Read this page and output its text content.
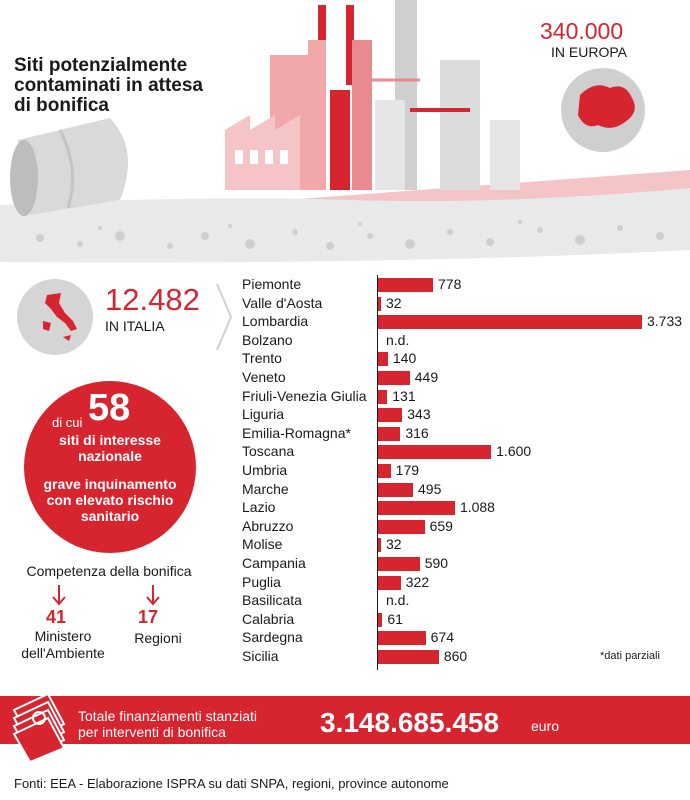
Siti potenzialmente contaminati in attesa di bonifica
340.000
IN EUROPA
12.482
IN ITALIA
di cui 58
siti di interesse nazionale
grave inquinamento con elevato rischio sanitario
Competenza della bonifica
41
Ministero dell'Ambiente
17
Regioni
Piemonte	778
Valle d'Aosta	32
Lombardia	3.733
Bolzano	n.d.
Trento	140
Veneto	449
Friuli-Venezia Giulia 131
Liguria	343
Emilia-Romagna*	316
Toscana	1.600
Umbria	179
Marche	495
Lazio	1.088
Abruzzo	659
Molise	32
Campania	590
Puglia	322
Basilicata	n.d.
Calabria	61
Sardegna	674
Sicilia	860	*dati parziali
Totale finanziamenti stanziati
per interventi di bonifica	3.148.685.458 euro
Fonti: EEA - Elaborazione ISPRA su dati SNPA, regioni, province autonome
